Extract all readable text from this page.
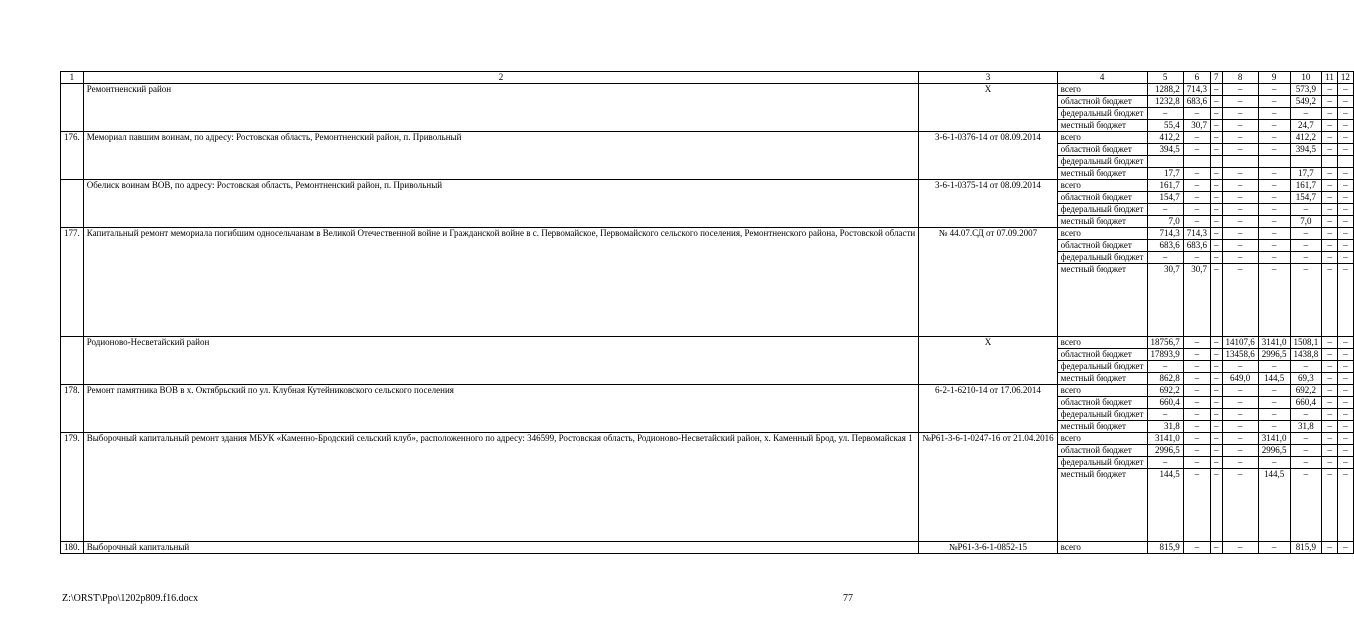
1	2	3	4	5	6	7	8	9	10	11	12
	Ремонтненский район	X	всего	1288,2	714,3	–	–	–	573,9	–	–
			областной бюджет	1232,8	683,6	–	–	–	549,2	–	–
			федеральный бюджет	–	–	–	–	–	–	–	–
			местный бюджет	55,4	30,7	–	–	–	24,7	–	–
176.	Мемориал павшим воинам, по адресу: Ростовская область, Ремонтненский район, п. Привольный	3-6-1-0376-14 от 08.09.2014	всего	412,2	–	–	–	–	412,2	–	–
			областной бюджет	394,5	–	–	–	–	394,5	–	–
			федеральный бюджет								
			местный бюджет	17,7	–	–	–	–	17,7	–	–
	Обелиск воинам ВОВ, по адресу: Ростовская область, Ремонтненский район, п. Привольный	3-6-1-0375-14 от 08.09.2014	всего	161,7	–	–	–	–	161,7	–	–
			областной бюджет	154,7	–	–	–	–	154,7	–	–
			федеральный бюджет	–	–	–	–	–	–	–	–
			местный бюджет	7,0	–	–	–	–	7,0	–	–
177.	Капитальный ремонт мемориала погибшим односельчанам в Великой Отечественной войне и Гражданской войне в с. Первомайское, Первомайского сельского поселения, Ремонтненского района, Ростовской области	№ 44.07.СД от 07.09.2007	всего	714,3	714,3	–	–	–	–	–	–
			областной бюджет	683,6	683,6	–	–	–	–	–	–
			федеральный бюджет	–	–	–	–	–	–	–	–
			местный бюджет	30,7	30,7	–	–	–	–	–	–
	Родионово-Несветайский район	X	всего	18756,7	–	–	14107,6	3141,0	1508,1	–	–
			областной бюджет	17893,9	–	–	13458,6	2996,5	1438,8	–	–
			федеральный бюджет	–	–	–	–	–	–	–	–
			местный бюджет	862,8	–	–	649,0	144,5	69,3	–	–
178.	Ремонт памятника ВОВ в х. Октябрьский по ул. Клубная Кутейниковского сельского поселения	6-2-1-6210-14 от 17.06.2014	всего	692,2	–	–	–	–	692,2	–	–
			областной бюджет	660,4	–	–	–	–	660,4	–	–
			федеральный бюджет	–	–	–	–	–	–	–	–
			местный бюджет	31,8	–	–	–	–	31,8	–	–
179.	Выборочный капитальный ремонт здания МБУК «Каменно-Бродский сельский клуб», расположенного по адресу: 346599, Ростовская область, Родионово-Несветайский район, х. Каменный Брод, ул. Первомайская 1	№Р61-3-6-1-0247-16 от 21.04.2016	всего	3141,0	–	–	–	3141,0	–	–	–
			областной бюджет	2996,5	–	–	–	2996,5	–	–	–
			федеральный бюджет	–	–	–	–	–	–	–	–
			местный бюджет	144,5	–	–	–	144,5	–	–	–
180.	Выборочный капитальный	№Р61-3-6-1-0852-15	всего	815,9	–	–	–	–	815,9	–	–
Z:\ORST\Ppo\1202p809.f16.docx	77
